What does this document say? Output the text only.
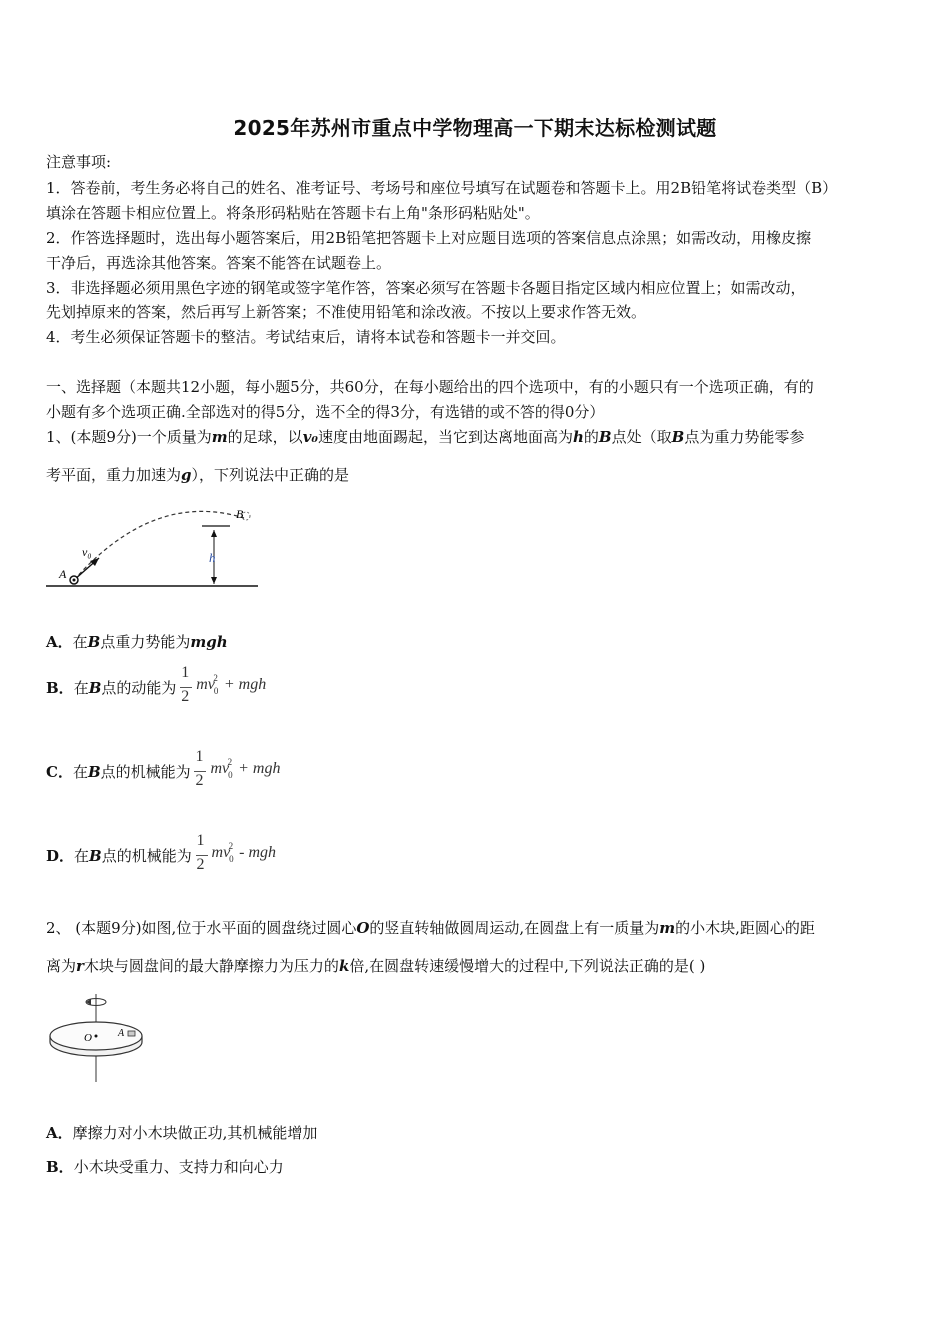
2025年苏州市重点中学物理高一下期末达标检测试题
注意事项:
1．答卷前，考生务必将自己的姓名、准考证号、考场号和座位号填写在试题卷和答题卡上。用2B铅笔将试卷类型（B）
填涂在答题卡相应位置上。将条形码粘贴在答题卡右上角"条形码粘贴处"。
2．作答选择题时，选出每小题答案后，用2B铅笔把答题卡上对应题目选项的答案信息点涂黑；如需改动，用橡皮擦
干净后，再选涂其他答案。答案不能答在试题卷上。
3．非选择题必须用黑色字迹的钢笔或签字笔作答，答案必须写在答题卡各题目指定区域内相应位置上；如需改动，
先划掉原来的答案，然后再写上新答案；不准使用铅笔和涂改液。不按以上要求作答无效。
4．考生必须保证答题卡的整洁。考试结束后，请将本试卷和答题卡一并交回。
一、选择题（本题共12小题，每小题5分，共60分，在每小题给出的四个选项中，有的小题只有一个选项正确，有的
小题有多个选项正确.全部选对的得5分，选不全的得3分，有选错的或不答的得0分）
1、(本题9分)一个质量为m的足球，以v₀速度由地面踢起，当它到达离地面高为h的B点处（取B点为重力势能零参
考平面，重力加速为g），下列说法中正确的是
A
v₀
B
h
A．在B点重力势能为mgh
B．在B点的动能为
1
2
$mv_0^2$ + mgh
C．在B点的机械能为
1
2
$mv_0^2$ + mgh
D．在B点的机械能为
1
2
$mv_0^2$ - mgh
2、 (本题9分)如图,位于水平面的圆盘绕过圆心O的竖直转轴做圆周运动,在圆盘上有一质量为m的小木块,距圆心的距
离为r木块与圆盘间的最大静摩擦力为压力的k倍,在圆盘转速缓慢增大的过程中,下列说法正确的是( )
O	A
A．摩擦力对小木块做正功,其机械能增加
B．小木块受重力、支持力和向心力
